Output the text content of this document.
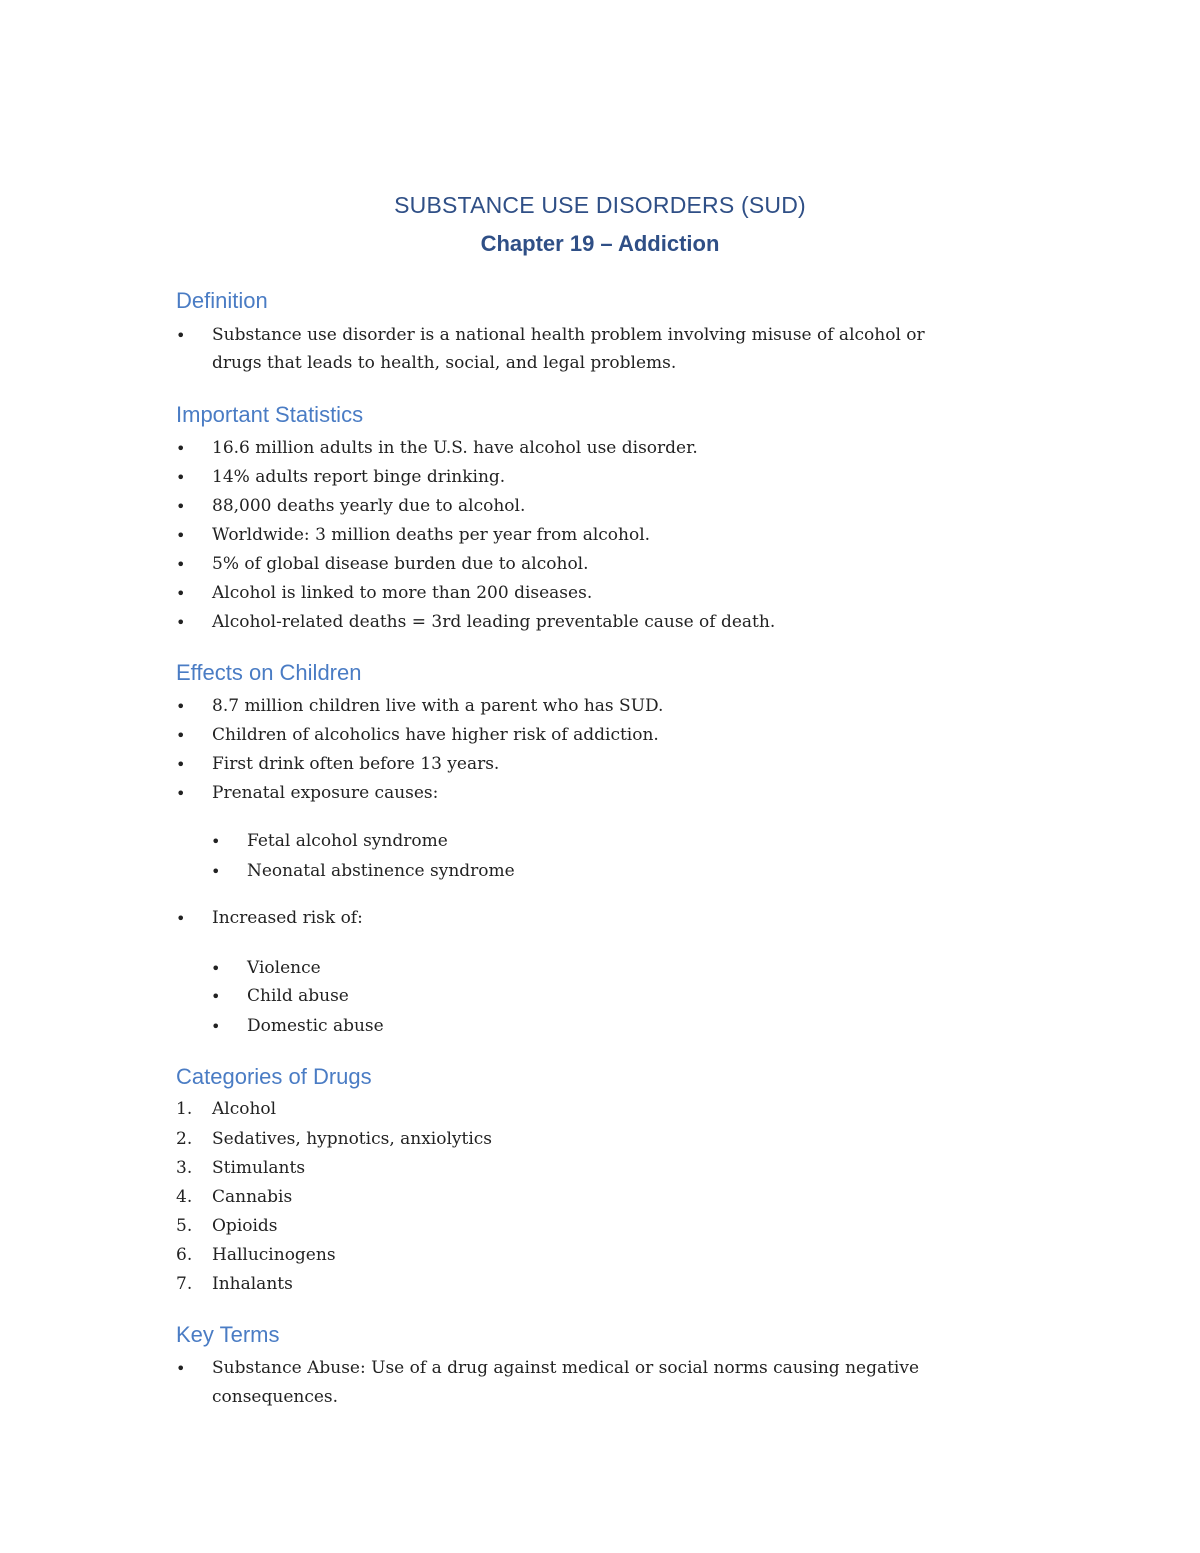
SUBSTANCE USE DISORDERS (SUD)
Chapter 19 – Addiction
Definition
• Substance use disorder is a national health problem involving misuse of alcohol or
drugs that leads to health, social, and legal problems.
Important Statistics
• 16.6 million adults in the U.S. have alcohol use disorder.
• 14% adults report binge drinking.
• 88,000 deaths yearly due to alcohol.
• Worldwide: 3 million deaths per year from alcohol.
• 5% of global disease burden due to alcohol.
• Alcohol is linked to more than 200 diseases.
• Alcohol-related deaths = 3rd leading preventable cause of death.
Effects on Children
• 8.7 million children live with a parent who has SUD.
• Children of alcoholics have higher risk of addiction.
• First drink often before 13 years.
• Prenatal exposure causes:
• Fetal alcohol syndrome
• Neonatal abstinence syndrome
• Increased risk of:
• Violence
• Child abuse
• Domestic abuse
Categories of Drugs
1. Alcohol
2. Sedatives, hypnotics, anxiolytics
3. Stimulants
4. Cannabis
5. Opioids
6. Hallucinogens
7. Inhalants
Key Terms
• Substance Abuse: Use of a drug against medical or social norms causing negative
consequences.
